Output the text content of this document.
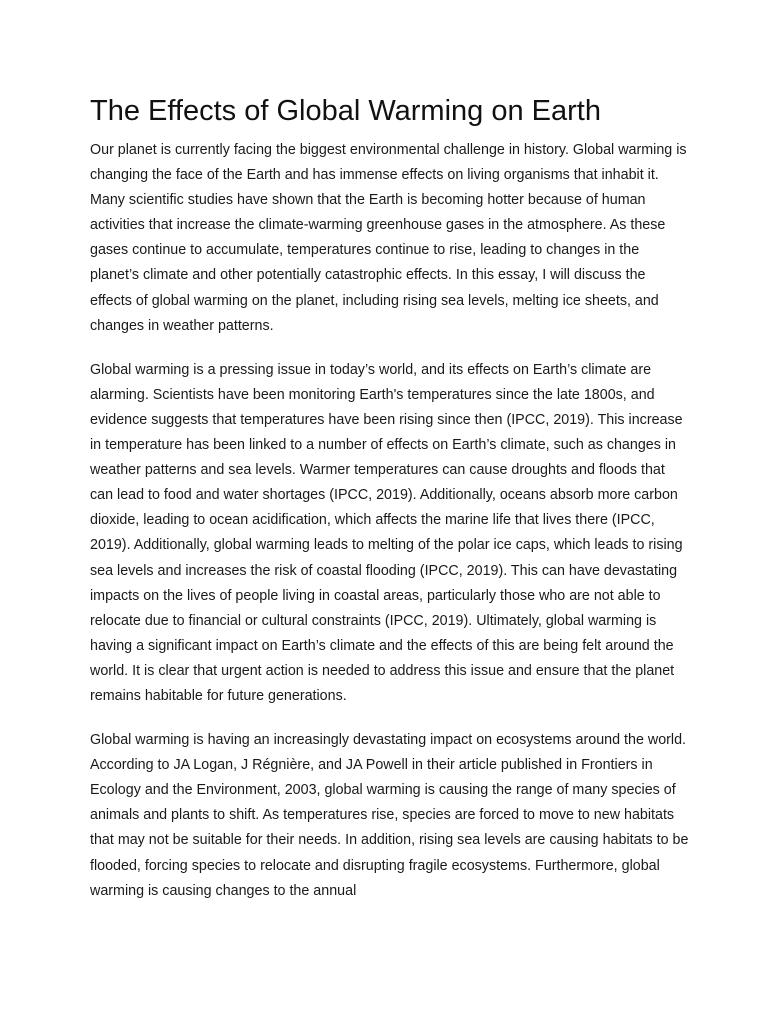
The Effects of Global Warming on Earth

Our planet is currently facing the biggest environmental challenge in history. Global warming is changing the face of the Earth and has immense effects on living organisms that inhabit it. Many scientific studies have shown that the Earth is becoming hotter because of human activities that increase the climate-warming greenhouse gases in the atmosphere. As these gases continue to accumulate, temperatures continue to rise, leading to changes in the planet’s climate and other potentially catastrophic effects. In this essay, I will discuss the effects of global warming on the planet, including rising sea levels, melting ice sheets, and changes in weather patterns.

Global warming is a pressing issue in today’s world, and its effects on Earth’s climate are alarming. Scientists have been monitoring Earth's temperatures since the late 1800s, and evidence suggests that temperatures have been rising since then (IPCC, 2019). This increase in temperature has been linked to a number of effects on Earth’s climate, such as changes in weather patterns and sea levels. Warmer temperatures can cause droughts and floods that can lead to food and water shortages (IPCC, 2019). Additionally, oceans absorb more carbon dioxide, leading to ocean acidification, which affects the marine life that lives there (IPCC, 2019). Additionally, global warming leads to melting of the polar ice caps, which leads to rising sea levels and increases the risk of coastal flooding (IPCC, 2019). This can have devastating impacts on the lives of people living in coastal areas, particularly those who are not able to relocate due to financial or cultural constraints (IPCC, 2019). Ultimately, global warming is having a significant impact on Earth’s climate and the effects of this are being felt around the world. It is clear that urgent action is needed to address this issue and ensure that the planet remains habitable for future generations.

Global warming is having an increasingly devastating impact on ecosystems around the world. According to JA Logan, J Régnière, and JA Powell in their article published in Frontiers in Ecology and the Environment, 2003, global warming is causing the range of many species of animals and plants to shift. As temperatures rise, species are forced to move to new habitats that may not be suitable for their needs. In addition, rising sea levels are causing habitats to be flooded, forcing species to relocate and disrupting fragile ecosystems. Furthermore, global warming is causing changes to the annual
